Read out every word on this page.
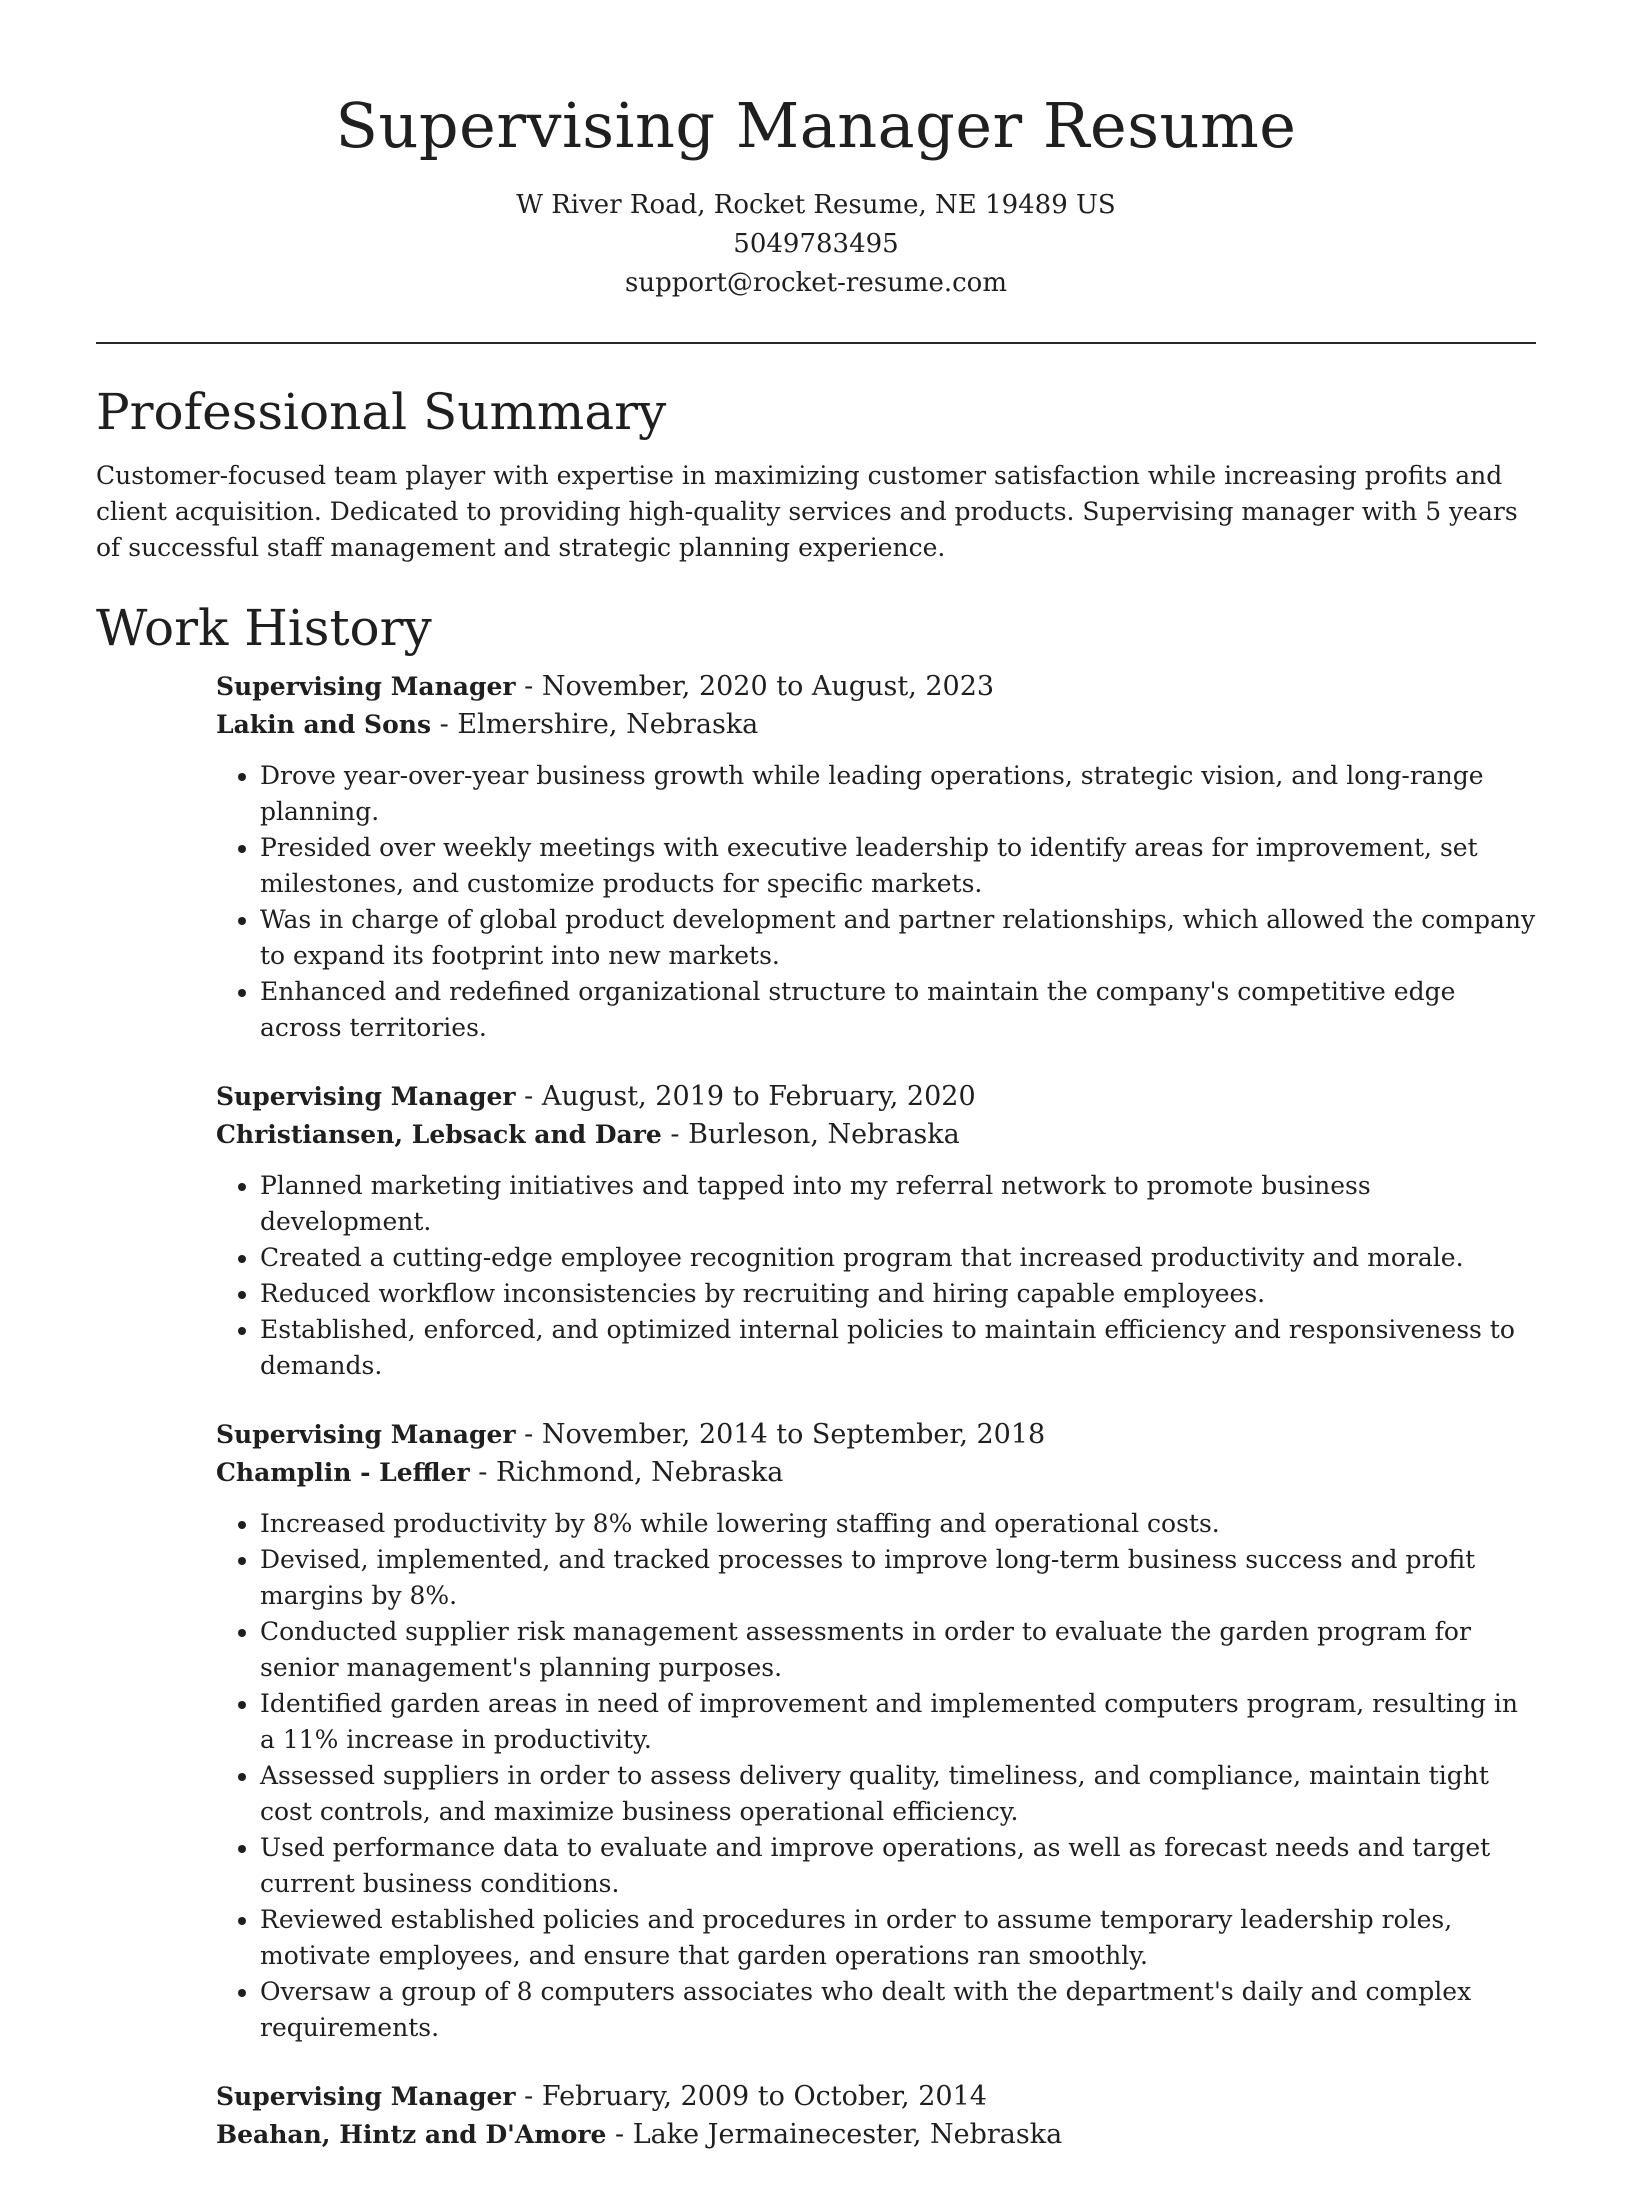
Supervising Manager Resume
W River Road, Rocket Resume, NE 19489 US
5049783495
support@rocket-resume.com
Professional Summary

Customer-focused team player with expertise in maximizing customer satisfaction while increasing profits and client acquisition. Dedicated to providing high-quality services and products. Supervising manager with 5 years of successful staff management and strategic planning experience.

Work History
Supervising Manager - November, 2020 to August, 2023
Lakin and Sons - Elmershire, Nebraska
• Drove year-over-year business growth while leading operations, strategic vision, and long-range planning.
• Presided over weekly meetings with executive leadership to identify areas for improvement, set milestones, and customize products for specific markets.
• Was in charge of global product development and partner relationships, which allowed the company to expand its footprint into new markets.
• Enhanced and redefined organizational structure to maintain the company's competitive edge across territories.
Supervising Manager - August, 2019 to February, 2020
Christiansen, Lebsack and Dare - Burleson, Nebraska
• Planned marketing initiatives and tapped into my referral network to promote business development.
• Created a cutting-edge employee recognition program that increased productivity and morale.
• Reduced workflow inconsistencies by recruiting and hiring capable employees.
• Established, enforced, and optimized internal policies to maintain efficiency and responsiveness to demands.
Supervising Manager - November, 2014 to September, 2018
Champlin - Leffler - Richmond, Nebraska
• Increased productivity by 8% while lowering staffing and operational costs.
• Devised, implemented, and tracked processes to improve long-term business success and profit margins by 8%.
• Conducted supplier risk management assessments in order to evaluate the garden program for senior management's planning purposes.
• Identified garden areas in need of improvement and implemented computers program, resulting in a 11% increase in productivity.
• Assessed suppliers in order to assess delivery quality, timeliness, and compliance, maintain tight cost controls, and maximize business operational efficiency.
• Used performance data to evaluate and improve operations, as well as forecast needs and target current business conditions.
• Reviewed established policies and procedures in order to assume temporary leadership roles, motivate employees, and ensure that garden operations ran smoothly.
• Oversaw a group of 8 computers associates who dealt with the department's daily and complex requirements.
Supervising Manager - February, 2009 to October, 2014
Beahan, Hintz and D'Amore - Lake Jermainecester, Nebraska
